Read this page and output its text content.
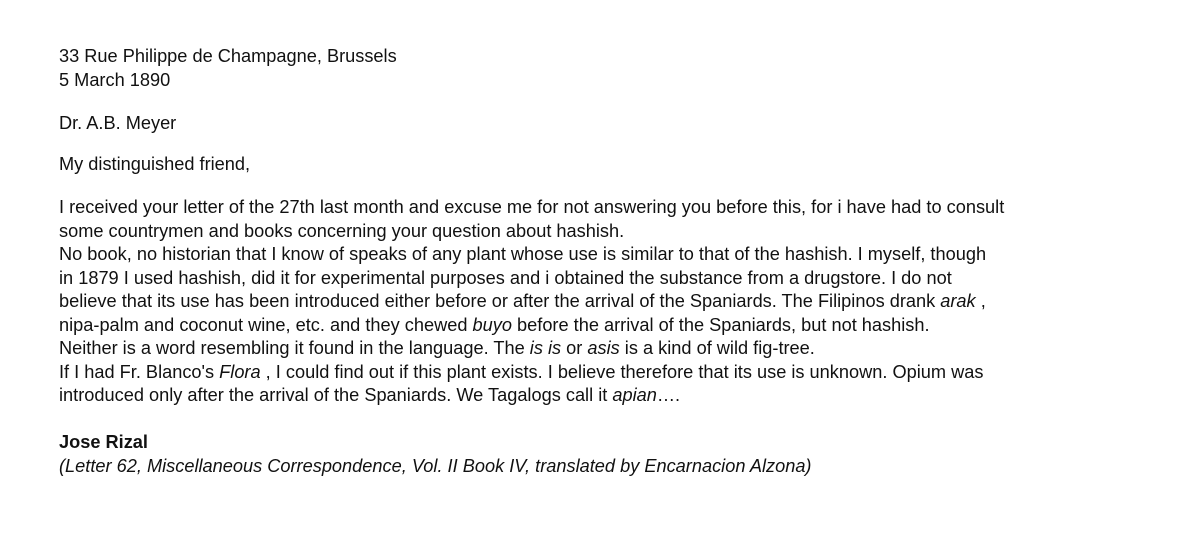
33 Rue Philippe de Champagne, Brussels
5 March 1890
Dr. A.B. Meyer
My distinguished friend,
I received your letter of the 27th last month and excuse me for not answering you before this, for i have had to consult
some countrymen and books concerning your question about hashish.
No book, no historian that I know of speaks of any plant whose use is similar to that of the hashish. I myself, though
in 1879 I used hashish, did it for experimental purposes and i obtained the substance from a drugstore. I do not
believe that its use has been introduced either before or after the arrival of the Spaniards. The Filipinos drank arak ,
nipa-palm and coconut wine, etc. and they chewed buyo before the arrival of the Spaniards, but not hashish.
Neither is a word resembling it found in the language. The is is or asis is a kind of wild fig-tree.
If I had Fr. Blanco's Flora , I could find out if this plant exists. I believe therefore that its use is unknown. Opium was
introduced only after the arrival of the Spaniards. We Tagalogs call it apian….
Jose Rizal
(Letter 62, Miscellaneous Correspondence, Vol. II Book IV, translated by Encarnacion Alzona)
